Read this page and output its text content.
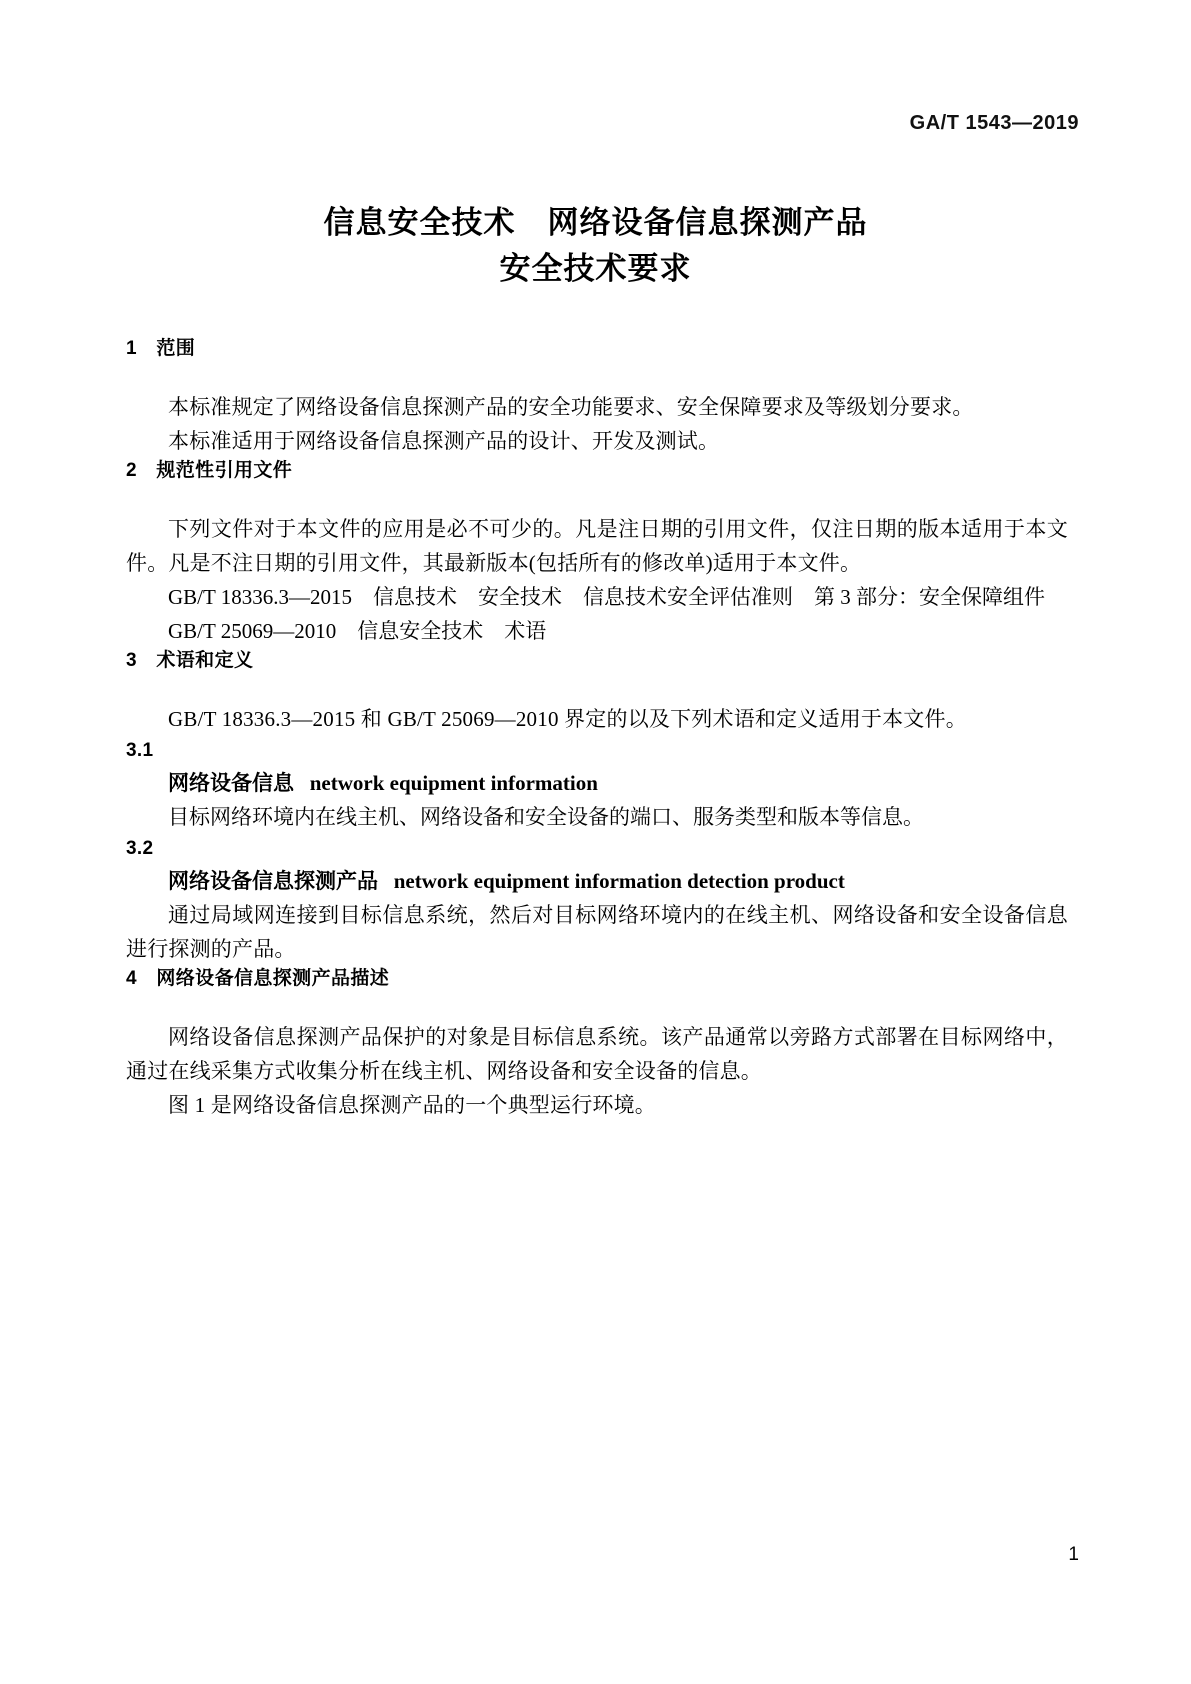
GA/T 1543—2019
信息安全技术　网络设备信息探测产品
安全技术要求
1　范围

本标准规定了网络设备信息探测产品的安全功能要求、安全保障要求及等级划分要求。

本标准适用于网络设备信息探测产品的设计、开发及测试。

2　规范性引用文件

下列文件对于本文件的应用是必不可少的。凡是注日期的引用文件，仅注日期的版本适用于本文件。凡是不注日期的引用文件，其最新版本(包括所有的修改单)适用于本文件。

GB/T 18336.3—2015　信息技术　安全技术　信息技术安全评估准则　第 3 部分：安全保障组件

GB/T 25069—2010　信息安全技术　术语

3　术语和定义

GB/T 18336.3—2015 和 GB/T 25069—2010 界定的以及下列术语和定义适用于本文件。

3.1

网络设备信息 network equipment information

目标网络环境内在线主机、网络设备和安全设备的端口、服务类型和版本等信息。

3.2

网络设备信息探测产品 network equipment information detection product

通过局域网连接到目标信息系统，然后对目标网络环境内的在线主机、网络设备和安全设备信息进行探测的产品。

4　网络设备信息探测产品描述

网络设备信息探测产品保护的对象是目标信息系统。该产品通常以旁路方式部署在目标网络中，通过在线采集方式收集分析在线主机、网络设备和安全设备的信息。

图 1 是网络设备信息探测产品的一个典型运行环境。

1
